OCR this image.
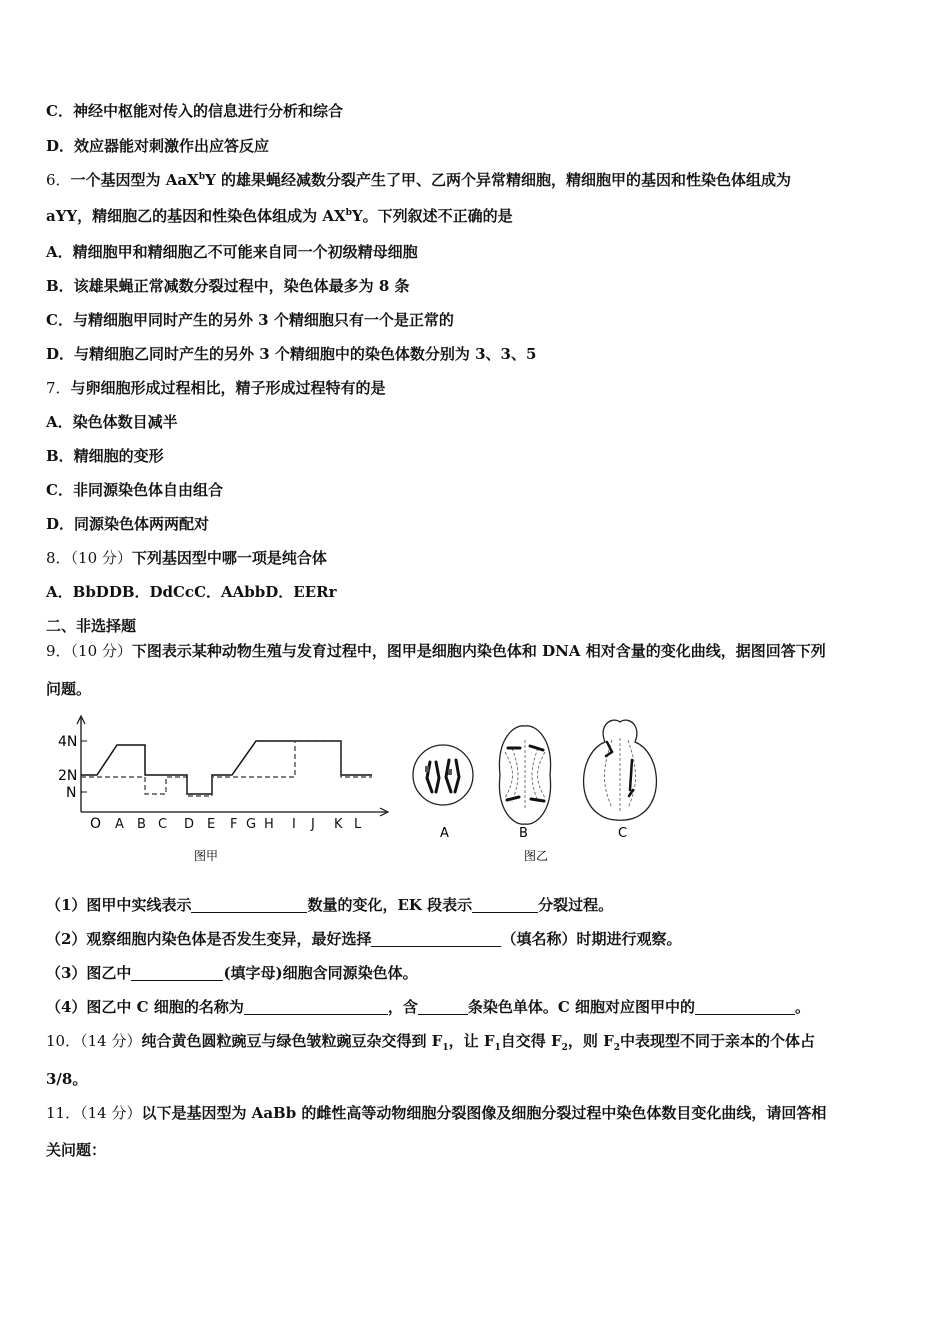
C．神经中枢能对传入的信息进行分析和综合
D．效应器能对刺激作出应答反应
6．一个基因型为 AaX$^b$Y 的雄果蝇经减数分裂产生了甲、乙两个异常精细胞，精细胞甲的基因和性染色体组成为
aYY，精细胞乙的基因和性染色体组成为 $AX^bY$。下列叙述不正确的是
A．精细胞甲和精细胞乙不可能来自同一个初级精母细胞
B．该雄果蝇正常减数分裂过程中，染色体最多为 8 条
C．与精细胞甲同时产生的另外 3 个精细胞只有一个是正常的
D．与精细胞乙同时产生的另外 3 个精细胞中的染色体数分别为 3、3、5
7．与卵细胞形成过程相比，精子形成过程特有的是
A．染色体数目减半
B．精细胞的变形
C．非同源染色体自由组合
D．同源染色体两两配对
8．（10 分）下列基因型中哪一项是纯合体
A．BbDDB．DdCcC．AAbbD．EERr
二、非选择题
9．（10 分）下图表示某种动物生殖与发育过程中，图甲是细胞内染色体和 DNA 相对含量的变化曲线，据图回答下列
问题。
4N
2N
N
O A B C D E F G H I J K L
图甲
A	B	C
图乙
（1）图甲中实线表示	数量的变化，EK 段表示	分裂过程。
（2）观察细胞内染色体是否发生变异，最好选择	（填名称）时期进行观察。
（3）图乙中	(填字母)细胞含同源染色体。
（4）图乙中 C 细胞的名称为	，含	条染色单体。C 细胞对应图甲中的	。
10．（14 分）纯合黄色圆粒豌豆与绿色皱粒豌豆杂交得到 $F_1$，让 $F_1$自交得 $F_2$，则 $F_2$中表现型不同于亲本的个体占
3/8。
11．（14 分）以下是基因型为 AaBb 的雌性高等动物细胞分裂图像及细胞分裂过程中染色体数目变化曲线，请回答相
关问题：
